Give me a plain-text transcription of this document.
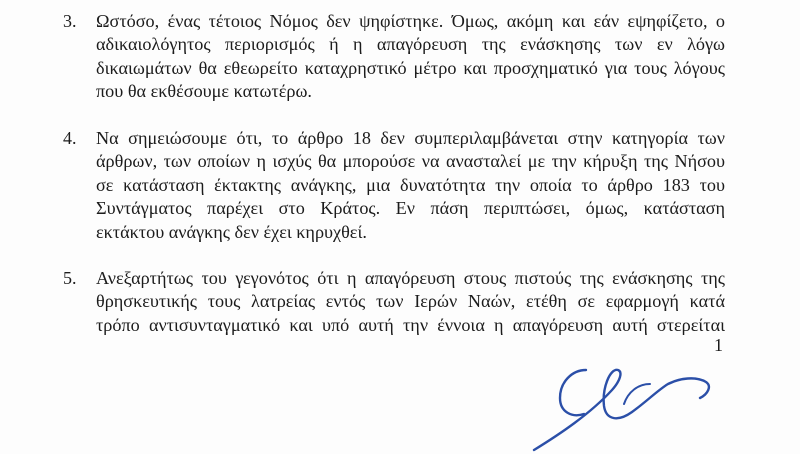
3.	Ωστόσο, ένας τέτοιος Νόμος δεν ψηφίστηκε. Όμως, ακόμη και εάν εψηφίζετο, ο
αδικαιολόγητος περιορισμός ή η απαγόρευση της ενάσκησης των εν λόγω
δικαιωμάτων θα εθεωρείτο καταχρηστικό μέτρο και προσχηματικό για τους λόγους
που θα εκθέσουμε κατωτέρω.
4.	Να σημειώσουμε ότι, το άρθρο 18 δεν συμπεριλαμβάνεται στην κατηγορία των
άρθρων, των οποίων η ισχύς θα μπορούσε να ανασταλεί με την κήρυξη της Νήσου
σε κατάσταση έκτακτης ανάγκης, μια δυνατότητα την οποία το άρθρο 183 του
Συντάγματος παρέχει στο Κράτος. Εν πάση περιπτώσει, όμως, κατάσταση
εκτάκτου ανάγκης δεν έχει κηρυχθεί.
5.	Ανεξαρτήτως του γεγονότος ότι η απαγόρευση στους πιστούς της ενάσκησης της
θρησκευτικής τους λατρείας εντός των Ιερών Ναών, ετέθη σε εφαρμογή κατά
τρόπο αντισυνταγματικό και υπό αυτή την έννοια η απαγόρευση αυτή στερείται
1
